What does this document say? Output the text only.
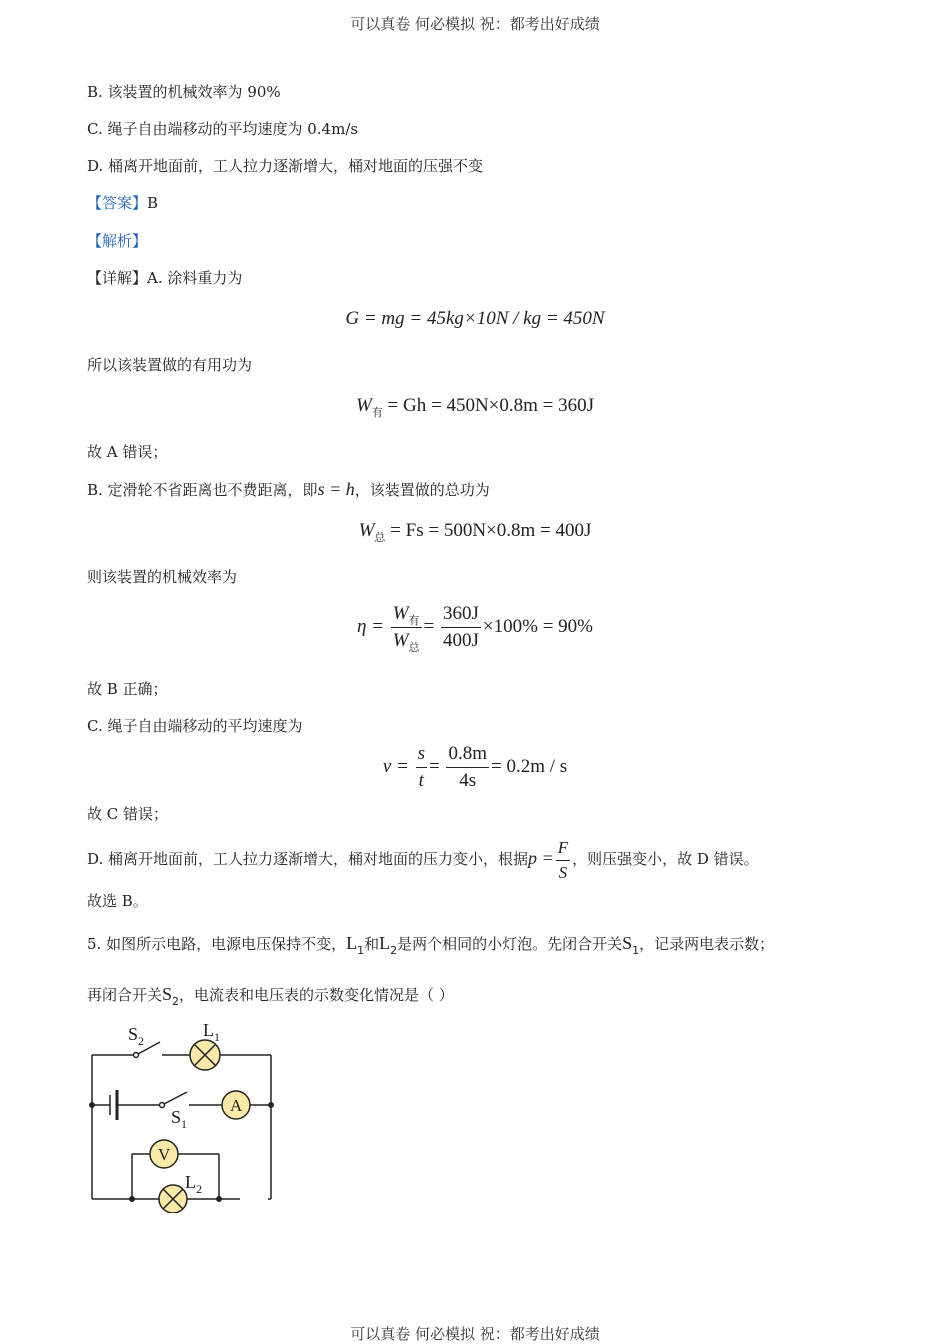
可以真卷 何必模拟 祝：都考出好成绩
B. 该装置的机械效率为 90%
C. 绳子自由端移动的平均速度为 0.4m/s
D. 桶离开地面前，工人拉力逐渐增大，桶对地面的压强不变
【答案】B
【解析】
【详解】A. 涂料重力为
G = mg = 45kg×10N / kg = 450N
所以该装置做的有用功为
$W_有 = Gh = 450N\times 0.8m = 360J$
故 A 错误；
B. 定滑轮不省距离也不费距离，即s = h，该装置做的总功为
$W_总 = Fs = 500N\times 0.8m = 400J$
则该装置的机械效率为
$\eta = \frac{W_有}{W_总} = \frac{360J}{400J} \times 100\% = 90\%$
故 B 正确；
C. 绳子自由端移动的平均速度为
$v = \frac{s}{t} = \frac{0.8m}{4s} = 0.2m / s$
故 C 错误；
D. 桶离开地面前，工人拉力逐渐增大，桶对地面的压力变小，根据$p = \frac{F}{S}$ ，则压强变小，故 D 错误。
故选 B。
5. 如图所示电路，电源电压保持不变，$L_1$和$L_2$是两个相同的小灯泡。先闭合开关$S_1$，记录两电表示数；
再闭合开关$S_2$，电流表和电压表的示数变化情况是（ ）
$S_2$
$L_1$
$S_1$
A
V
$L_2$
可以真卷 何必模拟 祝：都考出好成绩
